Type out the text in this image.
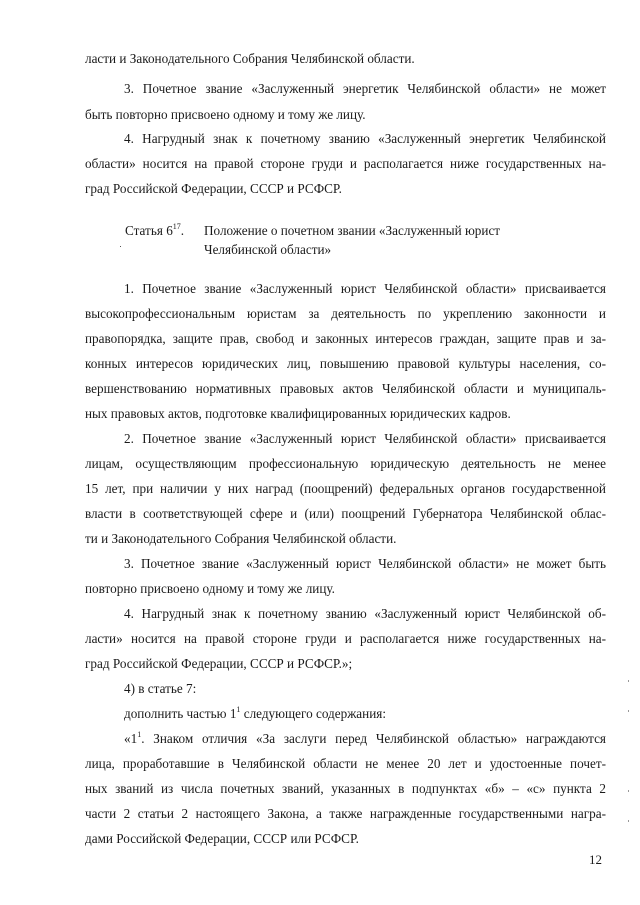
ласти и Законодательного Собрания Челябинской области.
3. Почетное звание «Заслуженный энергетик Челябинской области» не может
быть повторно присвоено одному и тому же лицу.
4. Нагрудный знак к почетному званию «Заслуженный энергетик Челябинской
области» носится на правой стороне груди и располагается ниже государственных на-
град Российской Федерации, СССР и РСФСР.
Статья $6^{17}$. Положение о почетном звании «Заслуженный юрист
Челябинской области»
1. Почетное звание «Заслуженный юрист Челябинской области» присваивается
высокопрофессиональным юристам за деятельность по укреплению законности и
правопорядка, защите прав, свобод и законных интересов граждан, защите прав и за-
конных интересов юридических лиц, повышению правовой культуры населения, со-
вершенствованию нормативных правовых актов Челябинской области и муниципаль-
ных правовых актов, подготовке квалифицированных юридических кадров.
2. Почетное звание «Заслуженный юрист Челябинской области» присваивается
лицам, осуществляющим профессиональную юридическую деятельность не менее
15 лет, при наличии у них наград (поощрений) федеральных органов государственной
власти в соответствующей сфере и (или) поощрений Губернатора Челябинской облас-
ти и Законодательного Собрания Челябинской области.
3. Почетное звание «Заслуженный юрист Челябинской области» не может быть
повторно присвоено одному и тому же лицу.
4. Нагрудный знак к почетному званию «Заслуженный юрист Челябинской об-
ласти» носится на правой стороне груди и располагается ниже государственных на-
град Российской Федерации, СССР и РСФСР.»;
4) в статье 7:
дополнить частью $1^1$ следующего содержания:
«$1^1$. Знаком отличия «За заслуги перед Челябинской областью» награждаются
лица, проработавшие в Челябинской области не менее 20 лет и удостоенные почет-
ных званий из числа почетных званий, указанных в подпунктах «б» – «с» пункта 2
части 2 статьи 2 настоящего Закона, а также награжденные государственными награ-
дами Российской Федерации, СССР или РСФСР.
12
